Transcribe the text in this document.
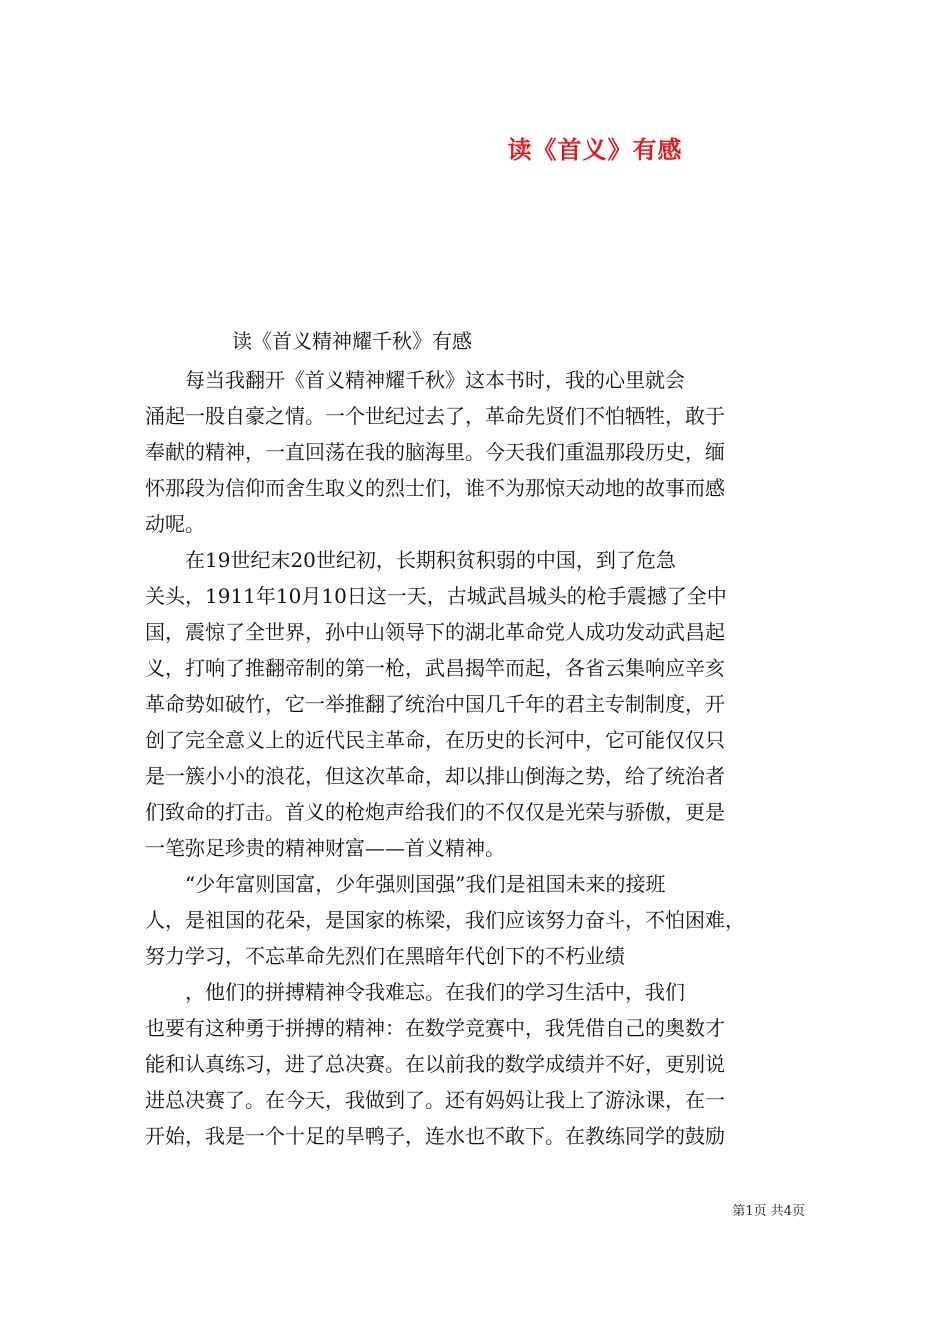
读《首义》有感
读《首义精神耀千秋》有感
　　每当我翻开《首义精神耀千秋》这本书时，我的心里就会
涌起一股自豪之情。一个世纪过去了，革命先贤们不怕牺牲，敢于
奉献的精神，一直回荡在我的脑海里。今天我们重温那段历史，缅
怀那段为信仰而舍生取义的烈士们，谁不为那惊天动地的故事而感
动呢。
　　在19世纪末20世纪初，长期积贫积弱的中国，到了危急
关头，1911年10月10日这一天，古城武昌城头的枪手震撼了全中
国，震惊了全世界，孙中山领导下的湖北革命党人成功发动武昌起
义，打响了推翻帝制的第一枪，武昌揭竿而起，各省云集响应辛亥
革命势如破竹，它一举推翻了统治中国几千年的君主专制制度，开
创了完全意义上的近代民主革命，在历史的长河中，它可能仅仅只
是一簇小小的浪花，但这次革命，却以排山倒海之势，给了统治者
们致命的打击。首义的枪炮声给我们的不仅仅是光荣与骄傲，更是
一笔弥足珍贵的精神财富——首义精神。
　　“少年富则国富，少年强则国强”我们是祖国未来的接班
人，是祖国的花朵，是国家的栋梁，我们应该努力奋斗，不怕困难，
努力学习，不忘革命先烈们在黑暗年代创下的不朽业绩
　　，他们的拼搏精神令我难忘。在我们的学习生活中，我们
也要有这种勇于拼搏的精神：在数学竞赛中，我凭借自己的奥数才
能和认真练习，进了总决赛。在以前我的数学成绩并不好，更别说
进总决赛了。在今天，我做到了。还有妈妈让我上了游泳课，在一
开始，我是一个十足的旱鸭子，连水也不敢下。在教练同学的鼓励
第1页 共4页
